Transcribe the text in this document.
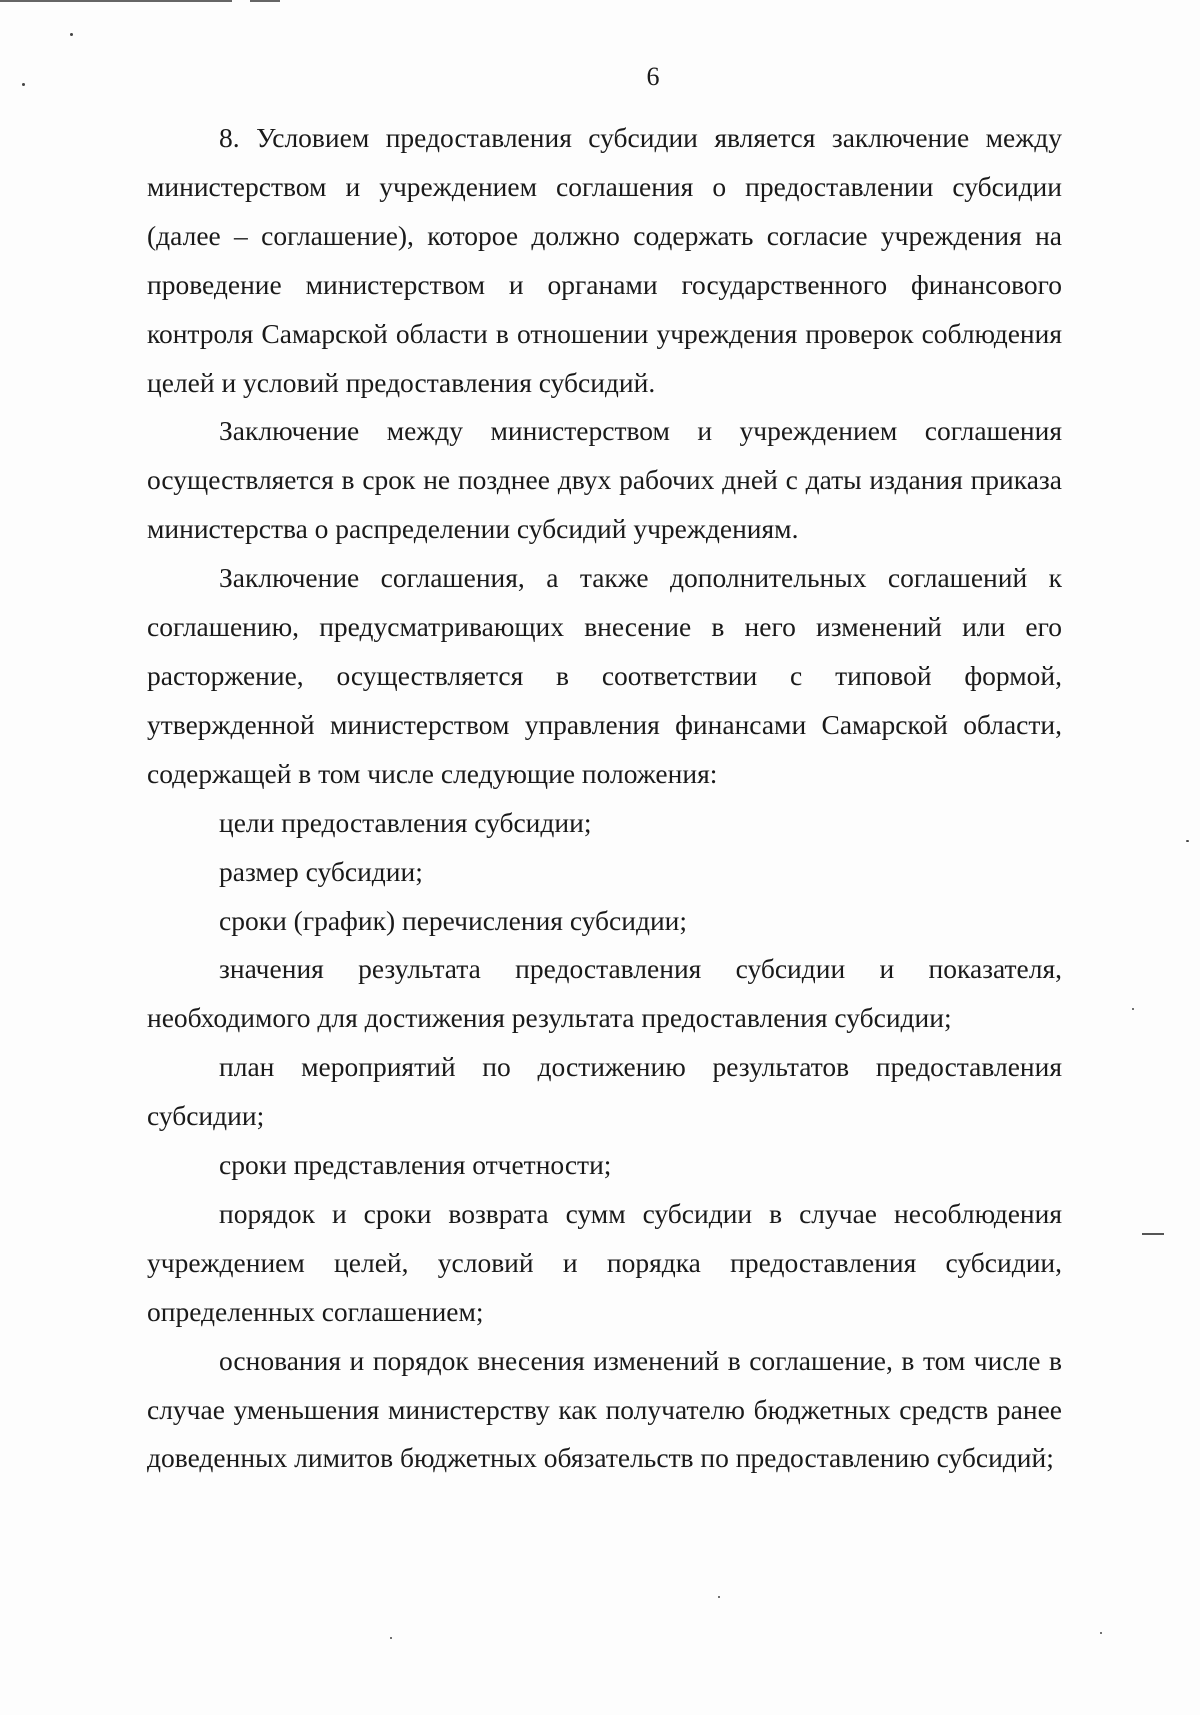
6

8. Условием предоставления субсидии является заключение между министерством и учреждением соглашения о предоставлении субсидии (далее – соглашение), которое должно содержать согласие учреждения на проведение министерством и органами государственного финансового контроля Самарской области в отношении учреждения проверок соблюдения целей и условий предоставления субсидий.

Заключение между министерством и учреждением соглашения осуществляется в срок не позднее двух рабочих дней с даты издания приказа министерства о распределении субсидий учреждениям.

Заключение соглашения, а также дополнительных соглашений к соглашению, предусматривающих внесение в него изменений или его расторжение, осуществляется в соответствии с типовой формой, утвержденной министерством управления финансами Самарской области, содержащей в том числе следующие положения:

цели предоставления субсидии;

размер субсидии;

сроки (график) перечисления субсидии;

значения результата предоставления субсидии и показателя, необходимого для достижения результата предоставления субсидии;

план мероприятий по достижению результатов предоставления субсидии;

сроки представления отчетности;

порядок и сроки возврата сумм субсидии в случае несоблюдения учреждением целей, условий и порядка предоставления субсидии, определенных соглашением;

основания и порядок внесения изменений в соглашение, в том числе в случае уменьшения министерству как получателю бюджетных средств ранее доведенных лимитов бюджетных обязательств по предоставлению субсидий;
